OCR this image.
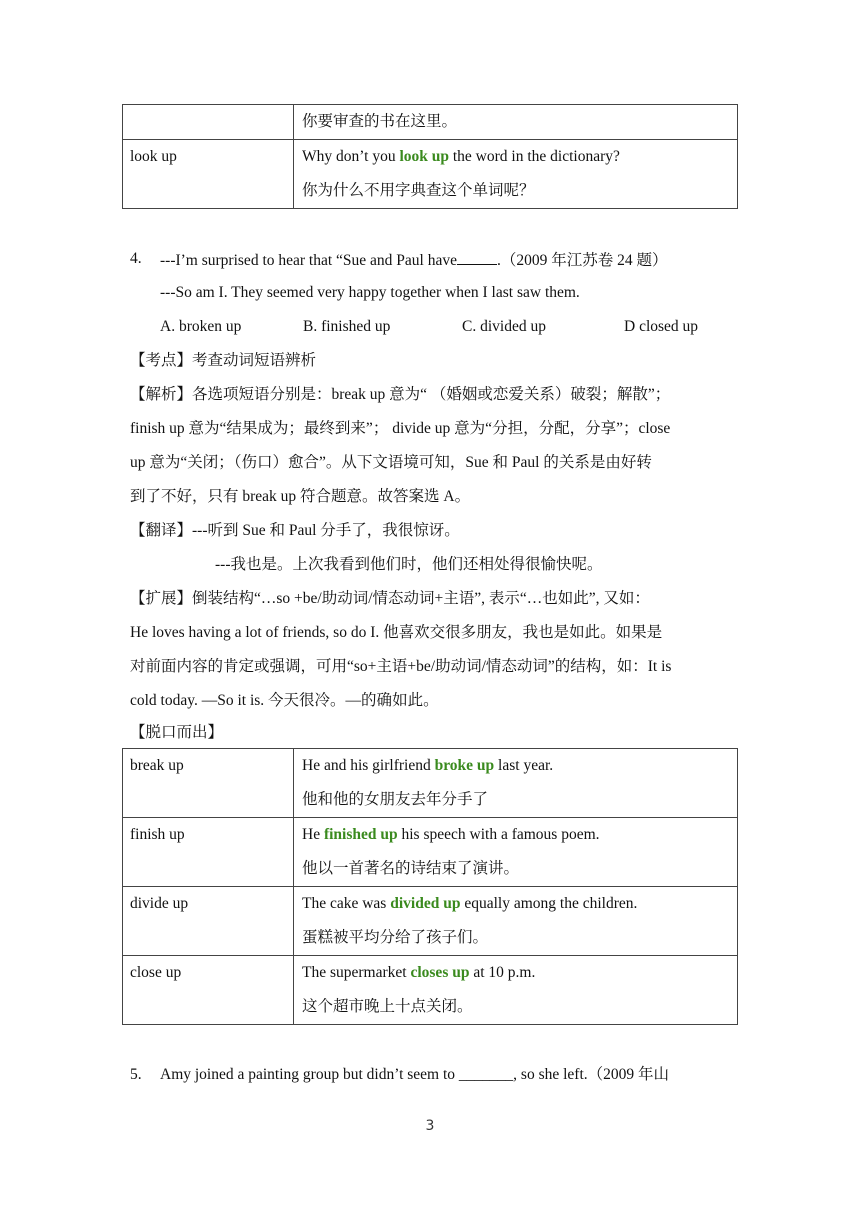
	你要审查的书在这里。

look up	Why don’t you look up the word in the dictionary?
你为什么不用字典查这个单词呢？
4. ---I’m surprised to hear that “Sue and Paul have	.（2009 年江苏卷 24 题）
---So am I. They seemed very happy together when I last saw them.
A. broken up	B. finished up	C. divided up	D closed up
【考点】考查动词短语辨析
【解析】各选项短语分别是：break up 意为“ （婚姻或恋爱关系）破裂；解散”；
finish up 意为“结果成为；最终到来”； divide up 意为“分担，分配，分享”；close
up 意为“关闭；（伤口）愈合”。从下文语境可知，Sue 和 Paul 的关系是由好转
到了不好，只有 break up 符合题意。故答案选 A。
【翻译】---听到 Sue 和 Paul 分手了，我很惊讶。
---我也是。上次我看到他们时，他们还相处得很愉快呢。
【扩展】倒装结构“…so +be/助动词/情态动词+主语”, 表示“…也如此”, 又如：
He loves having a lot of friends, so do I. 他喜欢交很多朋友，我也是如此。如果是
对前面内容的肯定或强调，可用“so+主语+be/助动词/情态动词”的结构，如：It is
cold today. —So it is. 今天很冷。—的确如此。
【脱口而出】
break up	He and his girlfriend broke up last year.
他和他的女朋友去年分手了

finish up	He finished up his speech with a famous poem.
他以一首著名的诗结束了演讲。

divide up	The cake was divided up equally among the children.
蛋糕被平均分给了孩子们。

close up	The supermarket closes up at 10 p.m.
这个超市晚上十点关闭。
5. Amy joined a painting group but didn’t seem to _______, so she left.（2009 年山
3
